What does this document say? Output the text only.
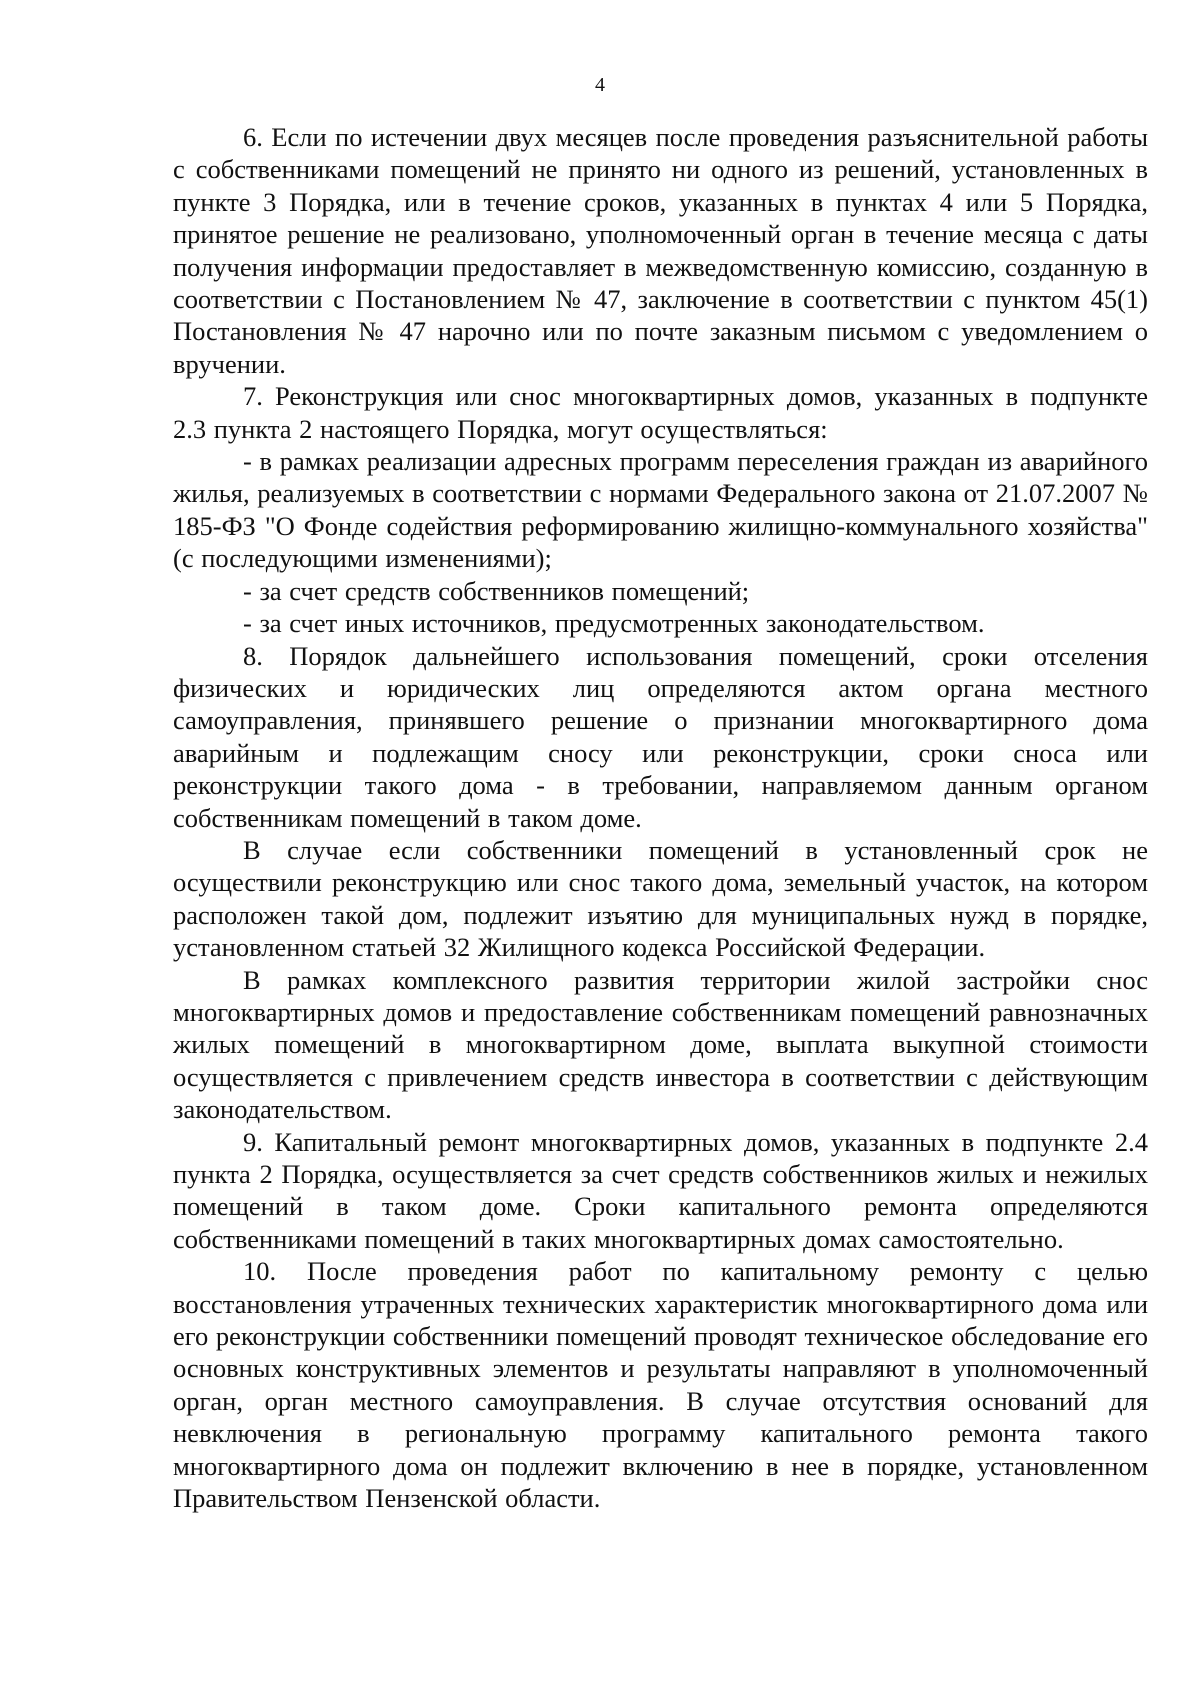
4

6. Если по истечении двух месяцев после проведения разъяснительной работы с собственниками помещений не принято ни одного из решений, установленных в пункте 3 Порядка, или в течение сроков, указанных в пунктах 4 или 5 Порядка, принятое решение не реализовано, уполномоченный орган в течение месяца с даты получения информации предоставляет в межведомственную комиссию, созданную в соответствии с Постановлением № 47, заключение в соответствии с пунктом 45(1) Постановления № 47 нарочно или по почте заказным письмом с уведомлением о вручении.

7. Реконструкция или снос многоквартирных домов, указанных в подпункте 2.3 пункта 2 настоящего Порядка, могут осуществляться:

- в рамках реализации адресных программ переселения граждан из аварийного жилья, реализуемых в соответствии с нормами Федерального закона от 21.07.2007 № 185-ФЗ "О Фонде содействия реформированию жилищно-коммунального хозяйства" (с последующими изменениями);

- за счет средств собственников помещений;

- за счет иных источников, предусмотренных законодательством.

8. Порядок дальнейшего использования помещений, сроки отселения физических и юридических лиц определяются актом органа местного самоуправления, принявшего решение о признании многоквартирного дома аварийным и подлежащим сносу или реконструкции, сроки сноса или реконструкции такого дома - в требовании, направляемом данным органом собственникам помещений в таком доме.

В случае если собственники помещений в установленный срок не осуществили реконструкцию или снос такого дома, земельный участок, на котором расположен такой дом, подлежит изъятию для муниципальных нужд в порядке, установленном статьей 32 Жилищного кодекса Российской Федерации.

В рамках комплексного развития территории жилой застройки снос многоквартирных домов и предоставление собственникам помещений равнозначных жилых помещений в многоквартирном доме, выплата выкупной стоимости осуществляется с привлечением средств инвестора в соответствии с действующим законодательством.

9. Капитальный ремонт многоквартирных домов, указанных в подпункте 2.4 пункта 2 Порядка, осуществляется за счет средств собственников жилых и нежилых помещений в таком доме. Сроки капитального ремонта определяются собственниками помещений в таких многоквартирных домах самостоятельно.

10. После проведения работ по капитальному ремонту с целью восстановления утраченных технических характеристик многоквартирного дома или его реконструкции собственники помещений проводят техническое обследование его основных конструктивных элементов и результаты направляют в уполномоченный орган, орган местного самоуправления. В случае отсутствия оснований для невключения в региональную программу капитального ремонта такого многоквартирного дома он подлежит включению в нее в порядке, установленном Правительством Пензенской области.
